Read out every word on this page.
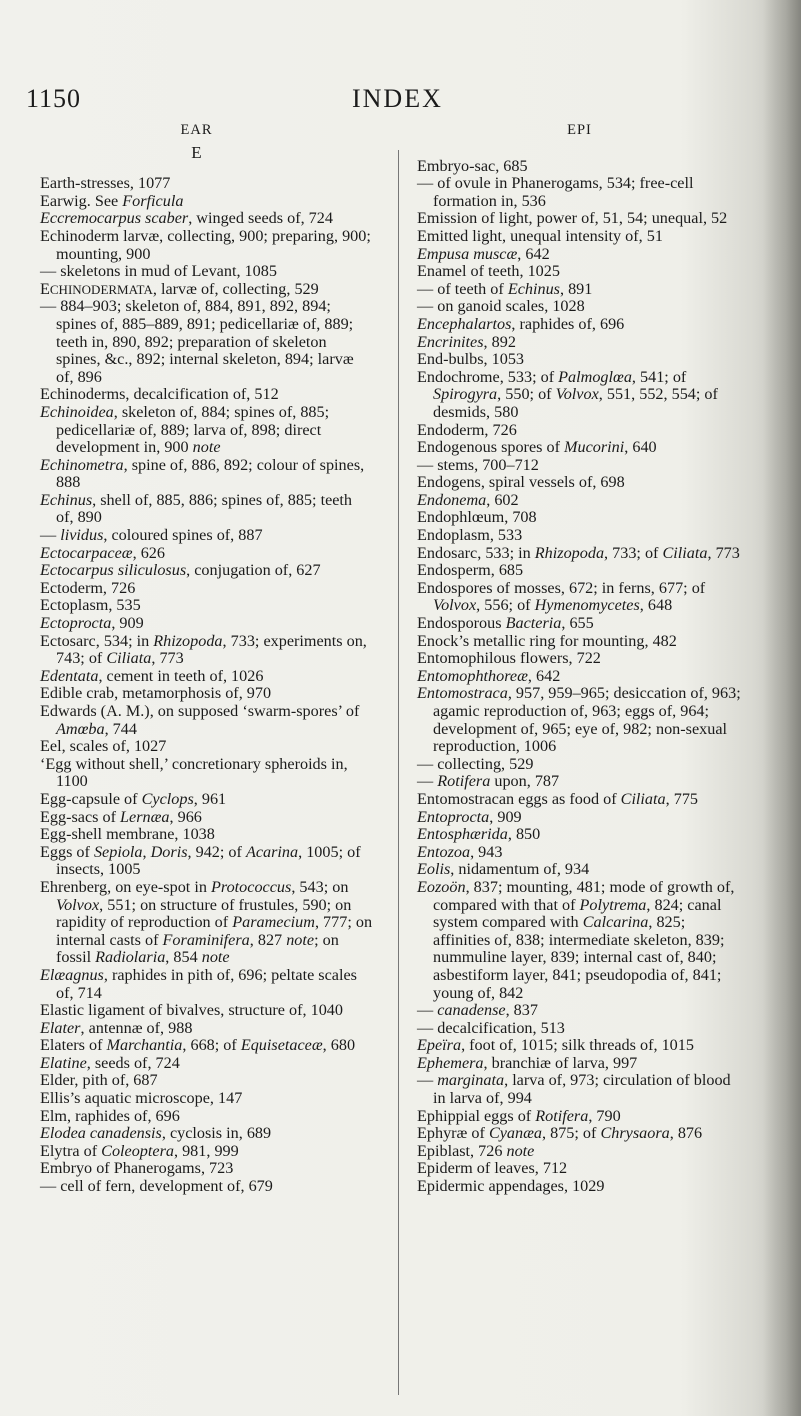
1150	INDEX
EAR
E

Earth-stresses, 1077

Earwig. See Forficula

Eccremocarpus scaber, winged seeds of, 724

Echinoderm larvæ, collecting, 900; preparing, 900; mounting, 900

— skeletons in mud of Levant, 1085

ECHINODERMATA, larvæ of, collecting, 529

— 884–903; skeleton of, 884, 891, 892, 894; spines of, 885–889, 891; pedicellariæ of, 889; teeth in, 890, 892; preparation of skeleton spines, &c., 892; internal skeleton, 894; larvæ of, 896

Echinoderms, decalcification of, 512

Echinoidea, skeleton of, 884; spines of, 885; pedicellariæ of, 889; larva of, 898; direct development in, 900 note

Echinometra, spine of, 886, 892; colour of spines, 888

Echinus, shell of, 885, 886; spines of, 885; teeth of, 890

— lividus, coloured spines of, 887

Ectocarpaceæ, 626

Ectocarpus siliculosus, conjugation of, 627

Ectoderm, 726

Ectoplasm, 535

Ectoprocta, 909

Ectosarc, 534; in Rhizopoda, 733; experiments on, 743; of Ciliata, 773

Edentata, cement in teeth of, 1026

Edible crab, metamorphosis of, 970

Edwards (A. M.), on supposed ‘swarm-spores’ of Amœba, 744

Eel, scales of, 1027

‘Egg without shell,’ concretionary spheroids in, 1100

Egg-capsule of Cyclops, 961

Egg-sacs of Lernæa, 966

Egg-shell membrane, 1038

Eggs of Sepiola, Doris, 942; of Acarina, 1005; of insects, 1005

Ehrenberg, on eye-spot in Protococcus, 543; on Volvox, 551; on structure of frustules, 590; on rapidity of reproduction of Paramecium, 777; on internal casts of Foraminifera, 827 note; on fossil Radiolaria, 854 note

Elæagnus, raphides in pith of, 696; peltate scales of, 714

Elastic ligament of bivalves, structure of, 1040

Elater, antennæ of, 988

Elaters of Marchantia, 668; of Equisetaceæ, 680

Elatine, seeds of, 724

Elder, pith of, 687

Ellis’s aquatic microscope, 147

Elm, raphides of, 696

Elodea canadensis, cyclosis in, 689

Elytra of Coleoptera, 981, 999

Embryo of Phanerogams, 723

— cell of fern, development of, 679

EPI

Embryo-sac, 685

— of ovule in Phanerogams, 534; free-cell formation in, 536

Emission of light, power of, 51, 54; unequal, 52

Emitted light, unequal intensity of, 51

Empusa muscæ, 642

Enamel of teeth, 1025

— of teeth of Echinus, 891

— on ganoid scales, 1028

Encephalartos, raphides of, 696

Encrinites, 892

End-bulbs, 1053

Endochrome, 533; of Palmoglœa, 541; of Spirogyra, 550; of Volvox, 551, 552, 554; of desmids, 580

Endoderm, 726

Endogenous spores of Mucorini, 640

— stems, 700–712

Endogens, spiral vessels of, 698

Endonema, 602

Endophlœum, 708

Endoplasm, 533

Endosarc, 533; in Rhizopoda, 733; of Ciliata, 773

Endosperm, 685

Endospores of mosses, 672; in ferns, 677; of Volvox, 556; of Hymenomycetes, 648

Endosporous Bacteria, 655

Enock’s metallic ring for mounting, 482

Entomophilous flowers, 722

Entomophthoreæ, 642

Entomostraca, 957, 959–965; desiccation of, 963; agamic reproduction of, 963; eggs of, 964; development of, 965; eye of, 982; non-sexual reproduction, 1006

— collecting, 529

— Rotifera upon, 787

Entomostracan eggs as food of Ciliata, 775

Entoprocta, 909

Entosphærida, 850

Entozoa, 943

Eolis, nidamentum of, 934

Eozoön, 837; mounting, 481; mode of growth of, compared with that of Polytrema, 824; canal system compared with Calcarina, 825; affinities of, 838; intermediate skeleton, 839; nummuline layer, 839; internal cast of, 840; asbestiform layer, 841; pseudopodia of, 841; young of, 842

— canadense, 837

— decalcification, 513

Epeïra, foot of, 1015; silk threads of, 1015

Ephemera, branchiæ of larva, 997

— marginata, larva of, 973; circulation of blood in larva of, 994

Ephippial eggs of Rotifera, 790

Ephyræ of Cyanæa, 875; of Chrysaora, 876

Epiblast, 726 note

Epiderm of leaves, 712

Epidermic appendages, 1029
